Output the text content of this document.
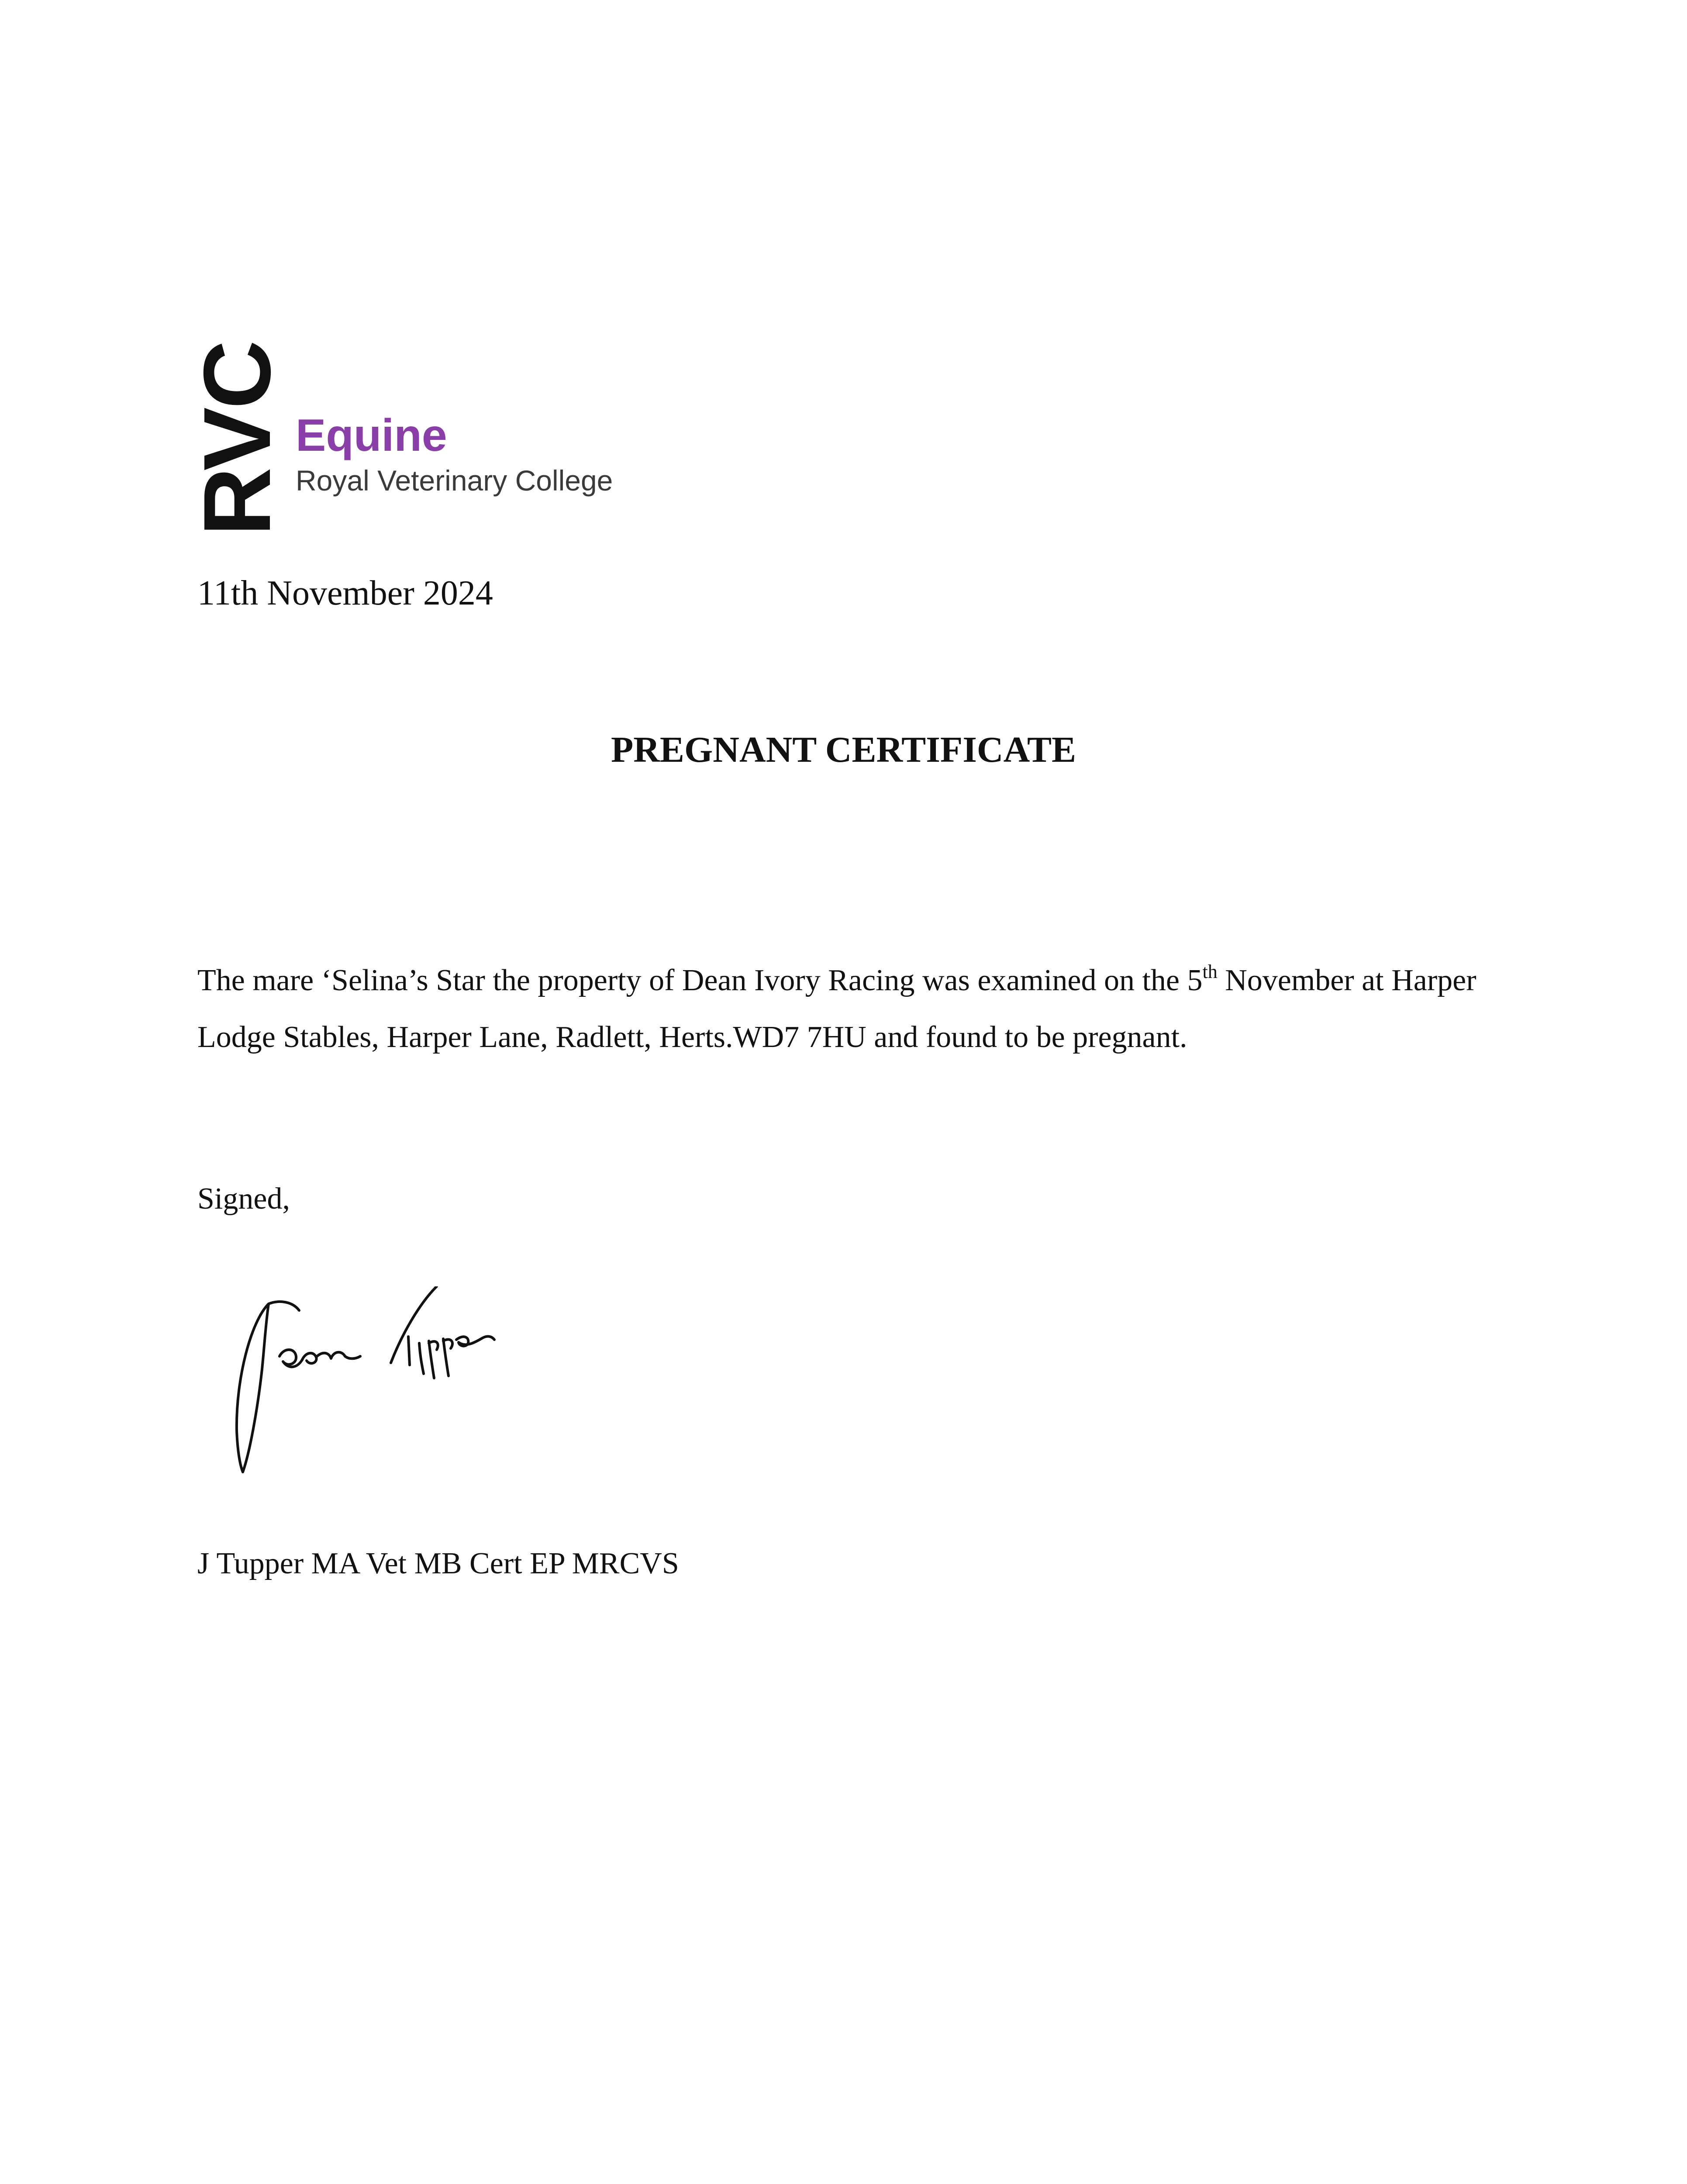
RVC Equine
Royal Veterinary College
11th November 2024
PREGNANT CERTIFICATE
The mare ‘Selina’s Star the property of Dean Ivory Racing was examined on the 5th November at Harper Lodge Stables, Harper Lane, Radlett, Herts.WD7 7HU and found to be pregnant.
Signed,
J Tupper MA Vet MB Cert EP MRCVS
